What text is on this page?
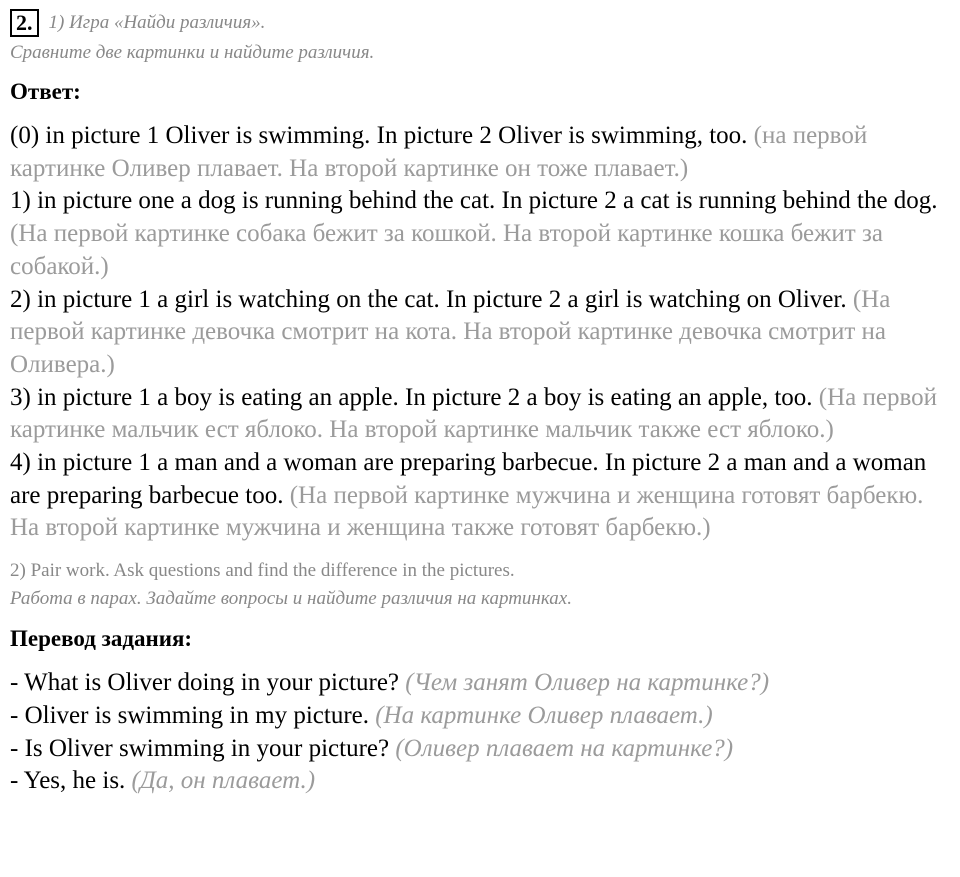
2. 1) Игра «Найди различия».
Сравните две картинки и найдите различия.
Ответ:

(0) in picture 1 Oliver is swimming. In picture 2 Oliver is swimming, too. (на первой картинке Оливер плавает. На второй картинке он тоже плавает.)

1) in picture one a dog is running behind the cat. In picture 2 a cat is running behind the dog. (На первой картинке собака бежит за кошкой. На второй картинке кошка бежит за собакой.)

2) in picture 1 a girl is watching on the cat. In picture 2 a girl is watching on Oliver. (На первой картинке девочка смотрит на кота. На второй картинке девочка смотрит на Оливера.)

3) in picture 1 a boy is eating an apple. In picture 2 a boy is eating an apple, too. (На первой картинке мальчик ест яблоко. На второй картинке мальчик также ест яблоко.)

4) in picture 1 a man and a woman are preparing barbecue. In picture 2 a man and a woman are preparing barbecue too. (На первой картинке мужчина и женщина готовят барбекю. На второй картинке мужчина и женщина также готовят барбекю.)

2) Pair work. Ask questions and find the difference in the pictures.
Работа в парах. Задайте вопросы и найдите различия на картинках.
Перевод задания:
- What is Oliver doing in your picture? (Чем занят Оливер на картинке?)
- Oliver is swimming in my picture. (На картинке Оливер плавает.)
- Is Oliver swimming in your picture? (Оливер плавает на картинке?)
- Yes, he is. (Да, он плавает.)
